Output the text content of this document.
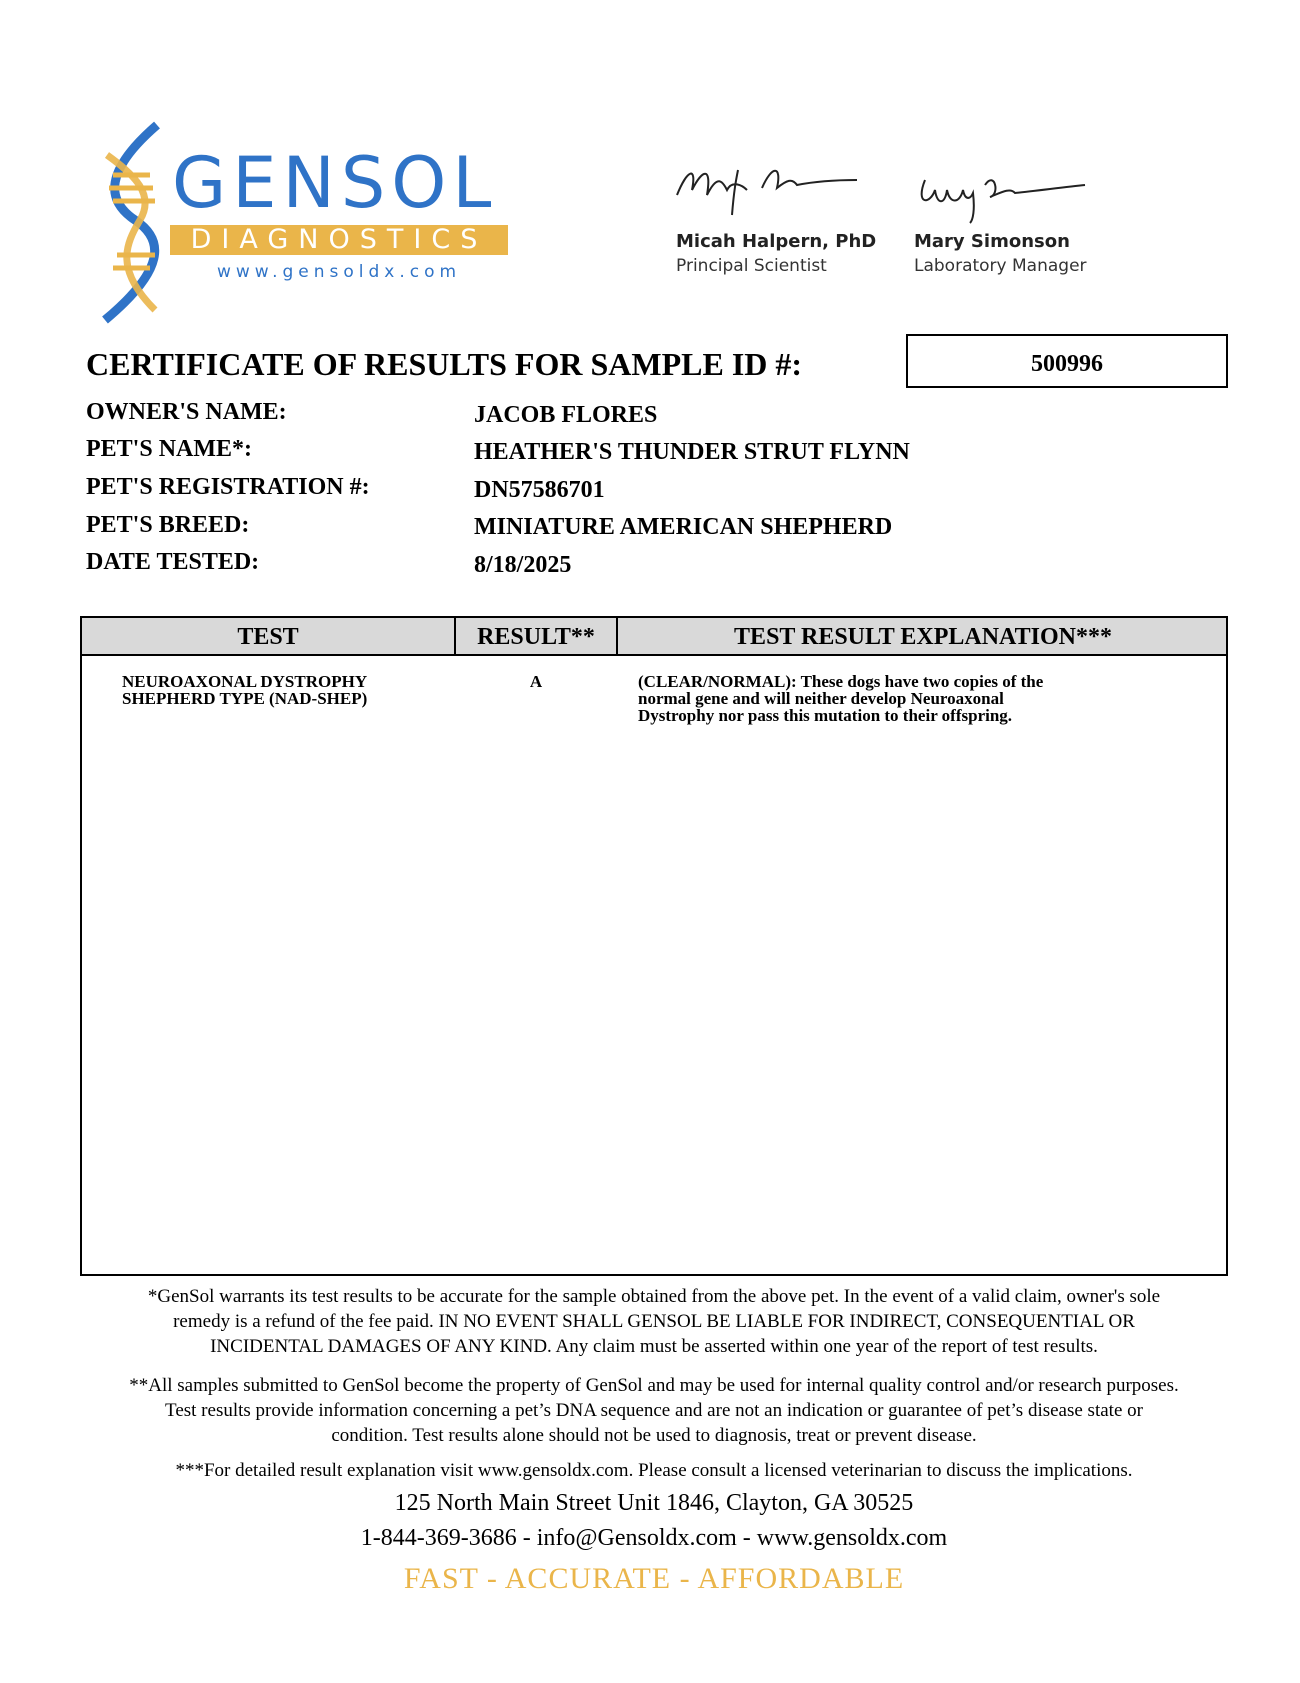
GENSOL
DIAGNOSTICS
www.gensoldx.com
Micah Halpern, PhD
Principal Scientist
Mary Simonson
Laboratory Manager
CERTIFICATE OF RESULTS FOR SAMPLE ID #:	500996
OWNER'S NAME:	JACOB FLORES
PET'S NAME*:	HEATHER'S THUNDER STRUT FLYNN
PET'S REGISTRATION #:	DN57586701
PET'S BREED:	MINIATURE AMERICAN SHEPHERD
DATE TESTED:	8/18/2025
TEST	RESULT**	TEST RESULT EXPLANATION***
NEUROAXONAL DYSTROPHY
SHEPHERD TYPE (NAD-SHEP)
A	(CLEAR/NORMAL): These dogs have two copies of the
normal gene and will neither develop Neuroaxonal
Dystrophy nor pass this mutation to their offspring.
*GenSol warrants its test results to be accurate for the sample obtained from the above pet. In the event of a valid claim, owner's sole
remedy is a refund of the fee paid. IN NO EVENT SHALL GENSOL BE LIABLE FOR INDIRECT, CONSEQUENTIAL OR
INCIDENTAL DAMAGES OF ANY KIND. Any claim must be asserted within one year of the report of test results.
**All samples submitted to GenSol become the property of GenSol and may be used for internal quality control and/or research purposes.
Test results provide information concerning a pet’s DNA sequence and are not an indication or guarantee of pet’s disease state or
condition. Test results alone should not be used to diagnosis, treat or prevent disease.
***For detailed result explanation visit www.gensoldx.com. Please consult a licensed veterinarian to discuss the implications.
125 North Main Street Unit 1846, Clayton, GA 30525
1-844-369-3686 - info@Gensoldx.com - www.gensoldx.com
FAST - ACCURATE - AFFORDABLE
